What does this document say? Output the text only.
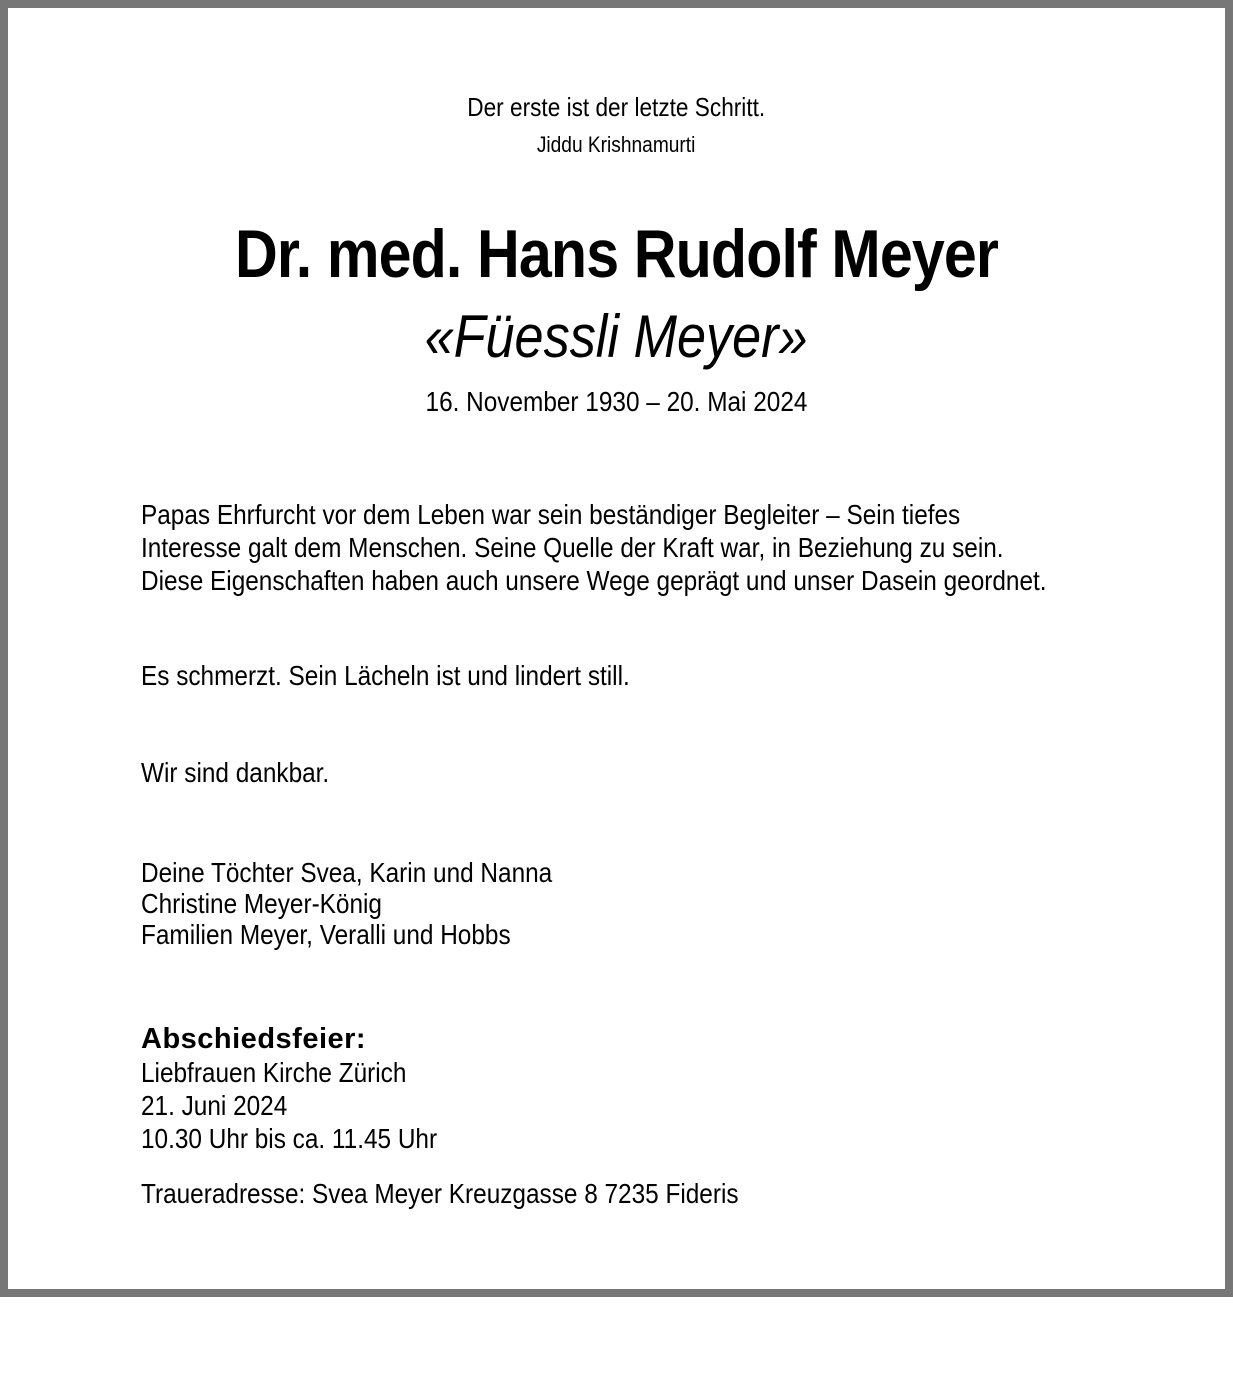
Der erste ist der letzte Schritt.
Jiddu Krishnamurti
Dr. med. Hans Rudolf Meyer
«Füessli Meyer»
16. November 1930 – 20. Mai 2024
Papas Ehrfurcht vor dem Leben war sein beständiger Begleiter – Sein tiefes
Interesse galt dem Menschen. Seine Quelle der Kraft war, in Beziehung zu sein.
Diese Eigenschaften haben auch unsere Wege geprägt und unser Dasein geordnet.
Es schmerzt. Sein Lächeln ist und lindert still.
Wir sind dankbar.
Deine Töchter Svea, Karin und Nanna
Christine Meyer-König
Familien Meyer, Veralli und Hobbs
Abschiedsfeier:
Liebfrauen Kirche Zürich
21. Juni 2024
10.30 Uhr bis ca. 11.45 Uhr
Traueradresse: Svea Meyer Kreuzgasse 8 7235 Fideris
